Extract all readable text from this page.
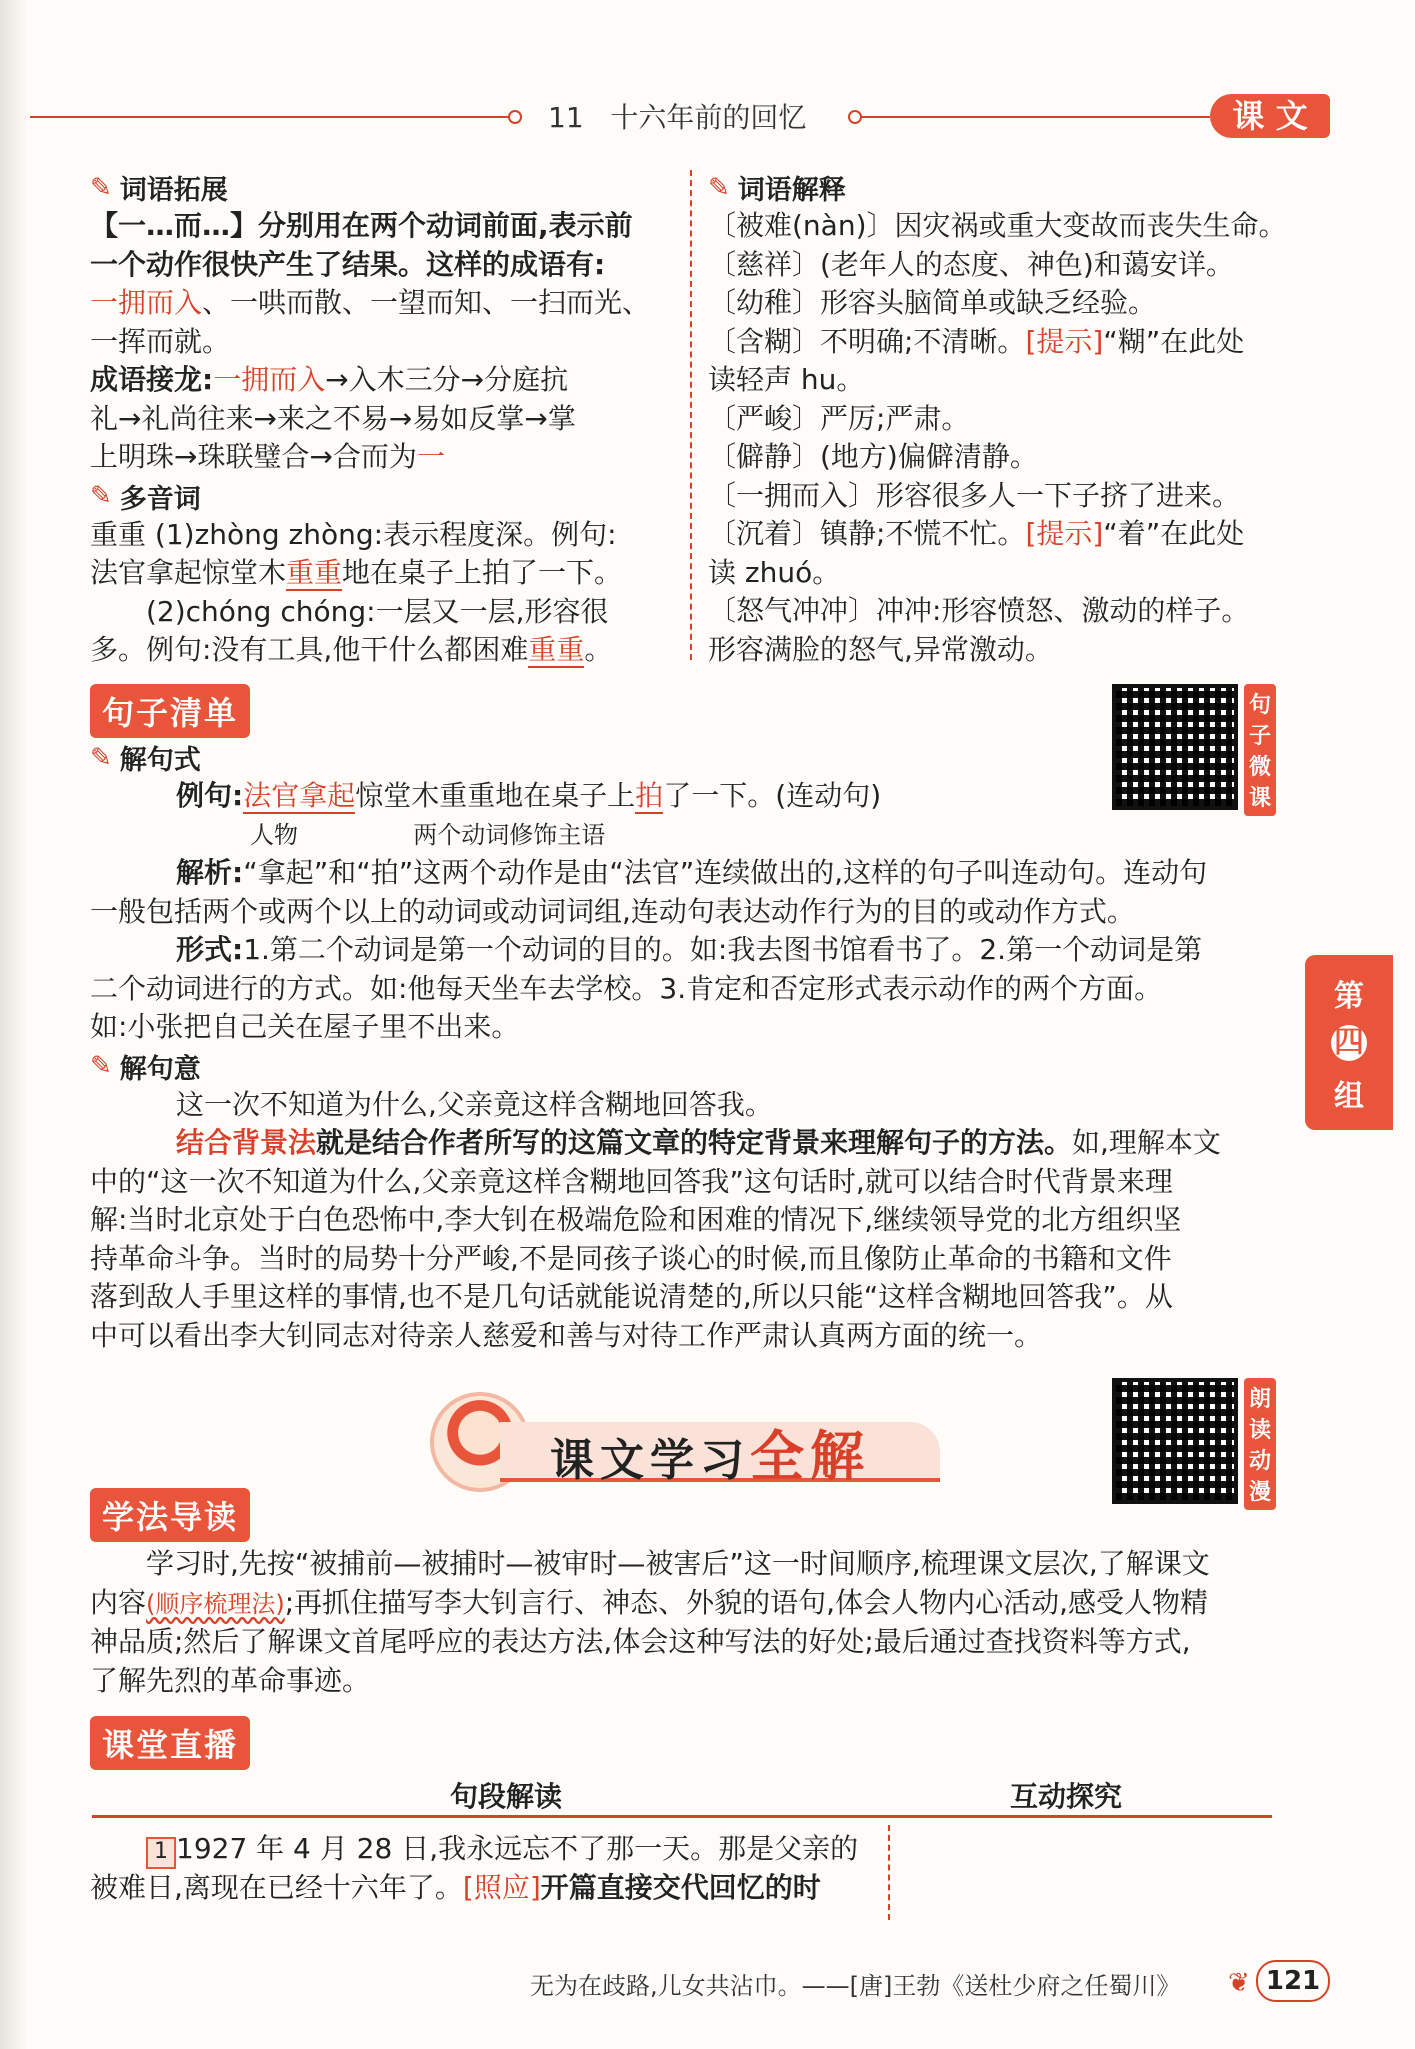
11 十六年前的回忆	课 文
第
四
组
✎ 词语拓展
【一…而…】分别用在两个动词前面,表示前
一个动作很快产生了结果。这样的成语有:
一拥而入、一哄而散、一望而知、一扫而光、
一挥而就。
成语接龙:一拥而入→入木三分→分庭抗
礼→礼尚往来→来之不易→易如反掌→掌
上明珠→珠联璧合→合而为一
✎ 多音词
重重 (1)zhòng zhòng:表示程度深。例句:
法官拿起惊堂木重重地在桌子上拍了一下。
(2)chóng chóng:一层又一层,形容很
多。例句:没有工具,他干什么都困难重重。
✎ 词语解释
〔被难(nàn)〕因灾祸或重大变故而丧失生命。
〔慈祥〕(老年人的态度、神色)和蔼安详。
〔幼稚〕形容头脑简单或缺乏经验。
〔含糊〕不明确;不清晰。[提示]“糊”在此处
读轻声 hu。
〔严峻〕严厉;严肃。
〔僻静〕(地方)偏僻清静。
〔一拥而入〕形容很多人一下子挤了进来。
〔沉着〕镇静;不慌不忙。[提示]“着”在此处
读 zhuó。
〔怒气冲冲〕冲冲:形容愤怒、激动的样子。
形容满脸的怒气,异常激动。
句子清单	句
子
微
课
✎ 解句式
例句:法官拿起惊堂木重重地在桌子上拍了一下。(连动句)
人物	两个动词修饰主语
解析:“拿起”和“拍”这两个动作是由“法官”连续做出的,这样的句子叫连动句。连动句
一般包括两个或两个以上的动词或动词词组,连动句表达动作行为的目的或动作方式。
形式:1.第二个动词是第一个动词的目的。如:我去图书馆看书了。2.第一个动词是第
二个动词进行的方式。如:他每天坐车去学校。3.肯定和否定形式表示动作的两个方面。
如:小张把自己关在屋子里不出来。
✎ 解句意
这一次不知道为什么,父亲竟这样含糊地回答我。
结合背景法就是结合作者所写的这篇文章的特定背景来理解句子的方法。如,理解本文
中的“这一次不知道为什么,父亲竟这样含糊地回答我”这句话时,就可以结合时代背景来理
解:当时北京处于白色恐怖中,李大钊在极端危险和困难的情况下,继续领导党的北方组织坚
持革命斗争。当时的局势十分严峻,不是同孩子谈心的时候,而且像防止革命的书籍和文件
落到敌人手里这样的事情,也不是几句话就能说清楚的,所以只能“这样含糊地回答我”。从
中可以看出李大钊同志对待亲人慈爱和善与对待工作严肃认真两方面的统一。
课文学习全解
朗
读
动
漫
学法导读
学习时,先按“被捕前—被捕时—被审时—被害后”这一时间顺序,梳理课文层次,了解课文
内容(顺序梳理法);再抓住描写李大钊言行、神态、外貌的语句,体会人物内心活动,感受人物精
神品质;然后了解课文首尾呼应的表达方法,体会这种写法的好处;最后通过查找资料等方式,
了解先烈的革命事迹。
课堂直播
句段解读	互动探究
1 1927 年 4 月 28 日,我永远忘不了那一天。那是父亲的
被难日,离现在已经十六年了。[照应]开篇直接交代回忆的时
无为在歧路,儿女共沾巾。——[唐]王勃《送杜少府之任蜀川》 ❦ 121
